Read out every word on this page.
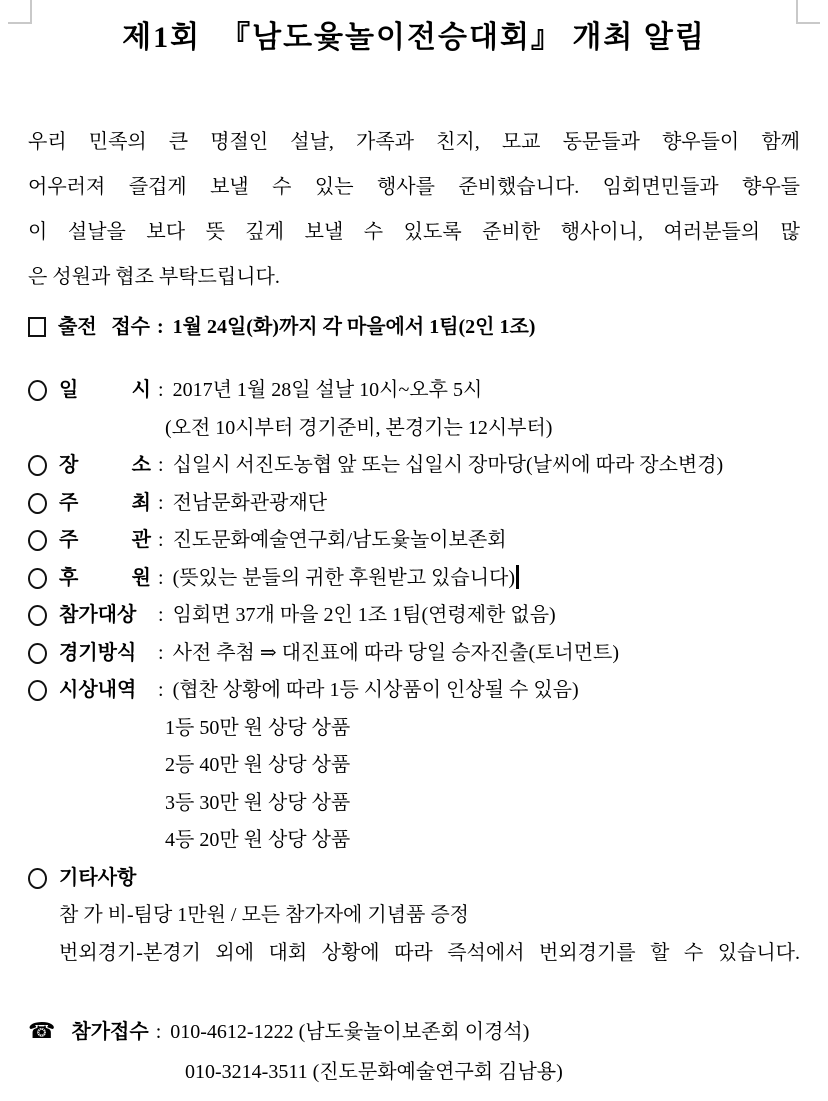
제1회  『남도윷놀이전승대회』 개최 알림
우리 민족의 큰 명절인 설날, 가족과 친지, 모교 동문들과 향우들이 함께
어우러져 즐겁게 보낼 수 있는 행사를 준비했습니다. 임회면민들과 향우들
이 설날을 보다 뜻 깊게 보낼 수 있도록 준비한 행사이니, 여러분들의 많
은 성원과 협조 부탁드립니다.
출전 접수 : 1월 24일(화)까지 각 마을에서 1팀(2인 1조)
일 시 : 2017년 1월 28일 설날 10시~오후 5시
(오전 10시부터 경기준비, 본경기는 12시부터)
장 소 : 십일시 서진도농협 앞 또는 십일시 장마당(날씨에 따라 장소변경)
주 최 : 전남문화관광재단
주 관 : 진도문화예술연구회/남도윷놀이보존회
후 원 : (뜻있는 분들의 귀한 후원받고 있습니다)
참가대상	: 임회면 37개 마을 2인 1조 1팀(연령제한 없음)
경기방식	: 사전 추첨 ⇒ 대진표에 따라 당일 승자진출(토너먼트)
시상내역	: (협찬 상황에 따라 1등 시상품이 인상될 수 있음)
1등 50만 원 상당 상품
2등 40만 원 상당 상품
3등 30만 원 상당 상품
4등 20만 원 상당 상품
기타사항
참 가 비-팀당 1만원 / 모든 참가자에 기념품 증정
번외경기-본경기 외에 대회 상황에 따라 즉석에서 번외경기를 할 수 있습니다.
☎ 참가접수 : 010-4612-1222 (남도윷놀이보존회 이경석)
010-3214-3511 (진도문화예술연구회 김남용)
